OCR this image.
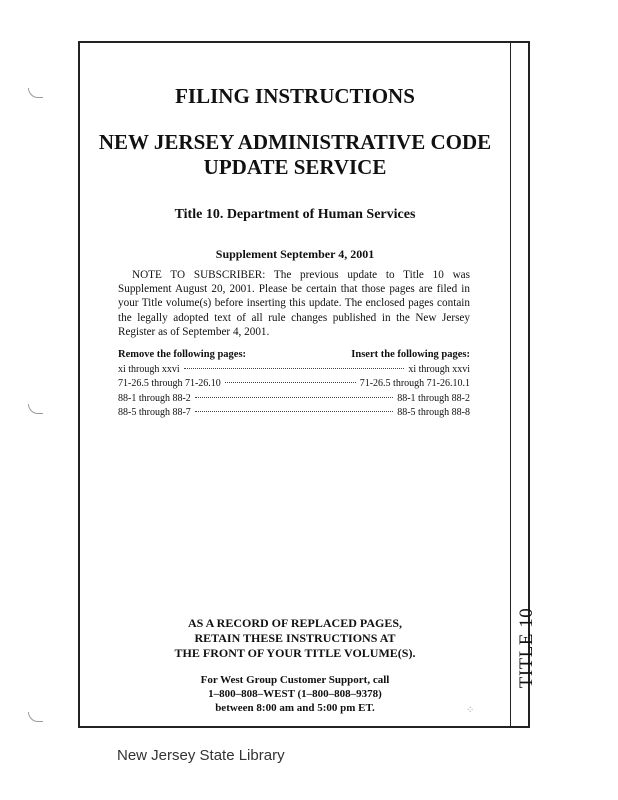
TITLE 10
⁘
FILING INSTRUCTIONS
NEW JERSEY ADMINISTRATIVE CODE
UPDATE SERVICE
Title 10. Department of Human Services
Supplement September 4, 2001
NOTE TO SUBSCRIBER: The previous update to Title 10 was Supplement August 20, 2001. Please be certain that those pages are filed in your Title volume(s) before inserting this update. The enclosed pages contain the legally adopted text of all rule changes published in the New Jersey Register as of September 4, 2001.
Remove the following pages:	Insert the following pages:
xi through xxvi	xi through xxvi
71-26.5 through 71-26.10	71-26.5 through 71-26.10.1
88-1 through 88-2	88-1 through 88-2
88-5 through 88-7	88-5 through 88-8
AS A RECORD OF REPLACED PAGES,
RETAIN THESE INSTRUCTIONS AT
THE FRONT OF YOUR TITLE VOLUME(S).
For West Group Customer Support, call
1–800–808–WEST (1–800–808–9378)
between 8:00 am and 5:00 pm ET.
New Jersey State Library
